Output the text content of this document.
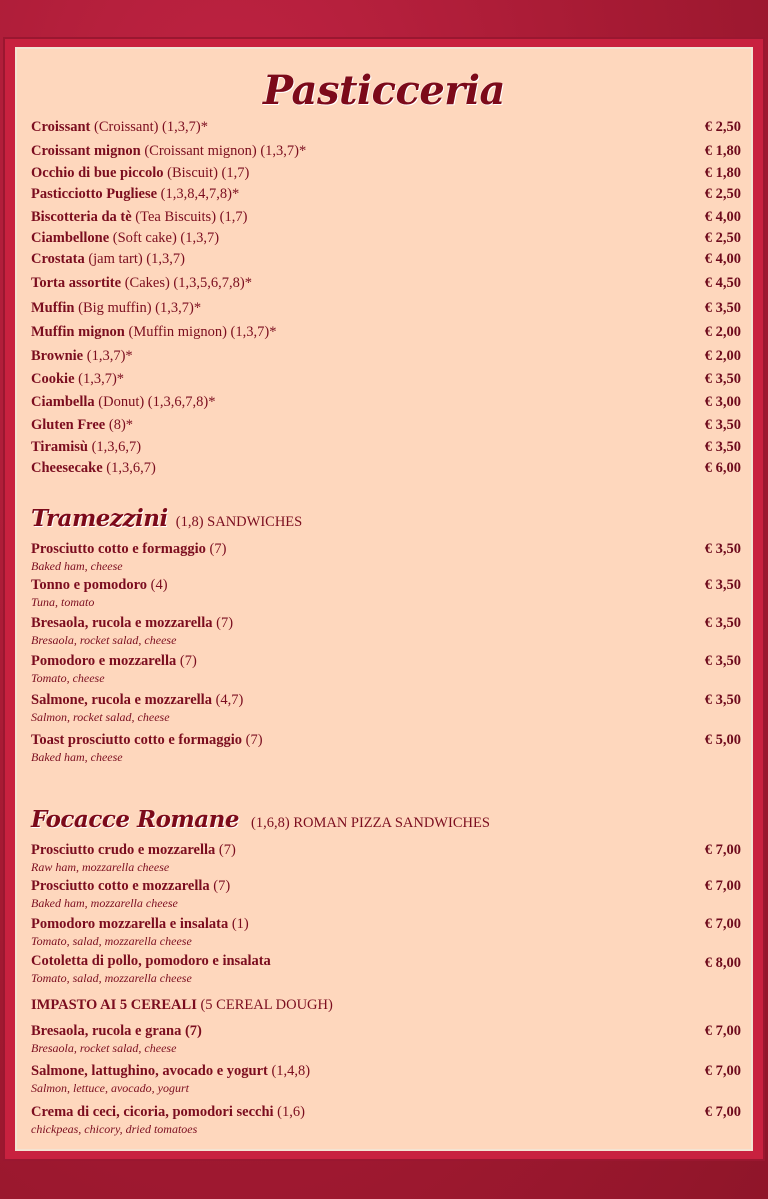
Pasticceria
Croissant (Croissant) (1,3,7)*	€ 2,50
Croissant mignon (Croissant mignon) (1,3,7)*	€ 1,80
Occhio di bue piccolo (Biscuit) (1,7)	€ 1,80
Pasticciotto Pugliese (1,3,8,4,7,8)*	€ 2,50
Biscotteria da tè (Tea Biscuits) (1,7)	€ 4,00
Ciambellone (Soft cake) (1,3,7)	€ 2,50
Crostata (jam tart) (1,3,7)	€ 4,00
Torta assortite (Cakes) (1,3,5,6,7,8)*	€ 4,50
Muffin (Big muffin) (1,3,7)*	€ 3,50
Muffin mignon (Muffin mignon) (1,3,7)*	€ 2,00
Brownie (1,3,7)*	€ 2,00
Cookie (1,3,7)*	€ 3,50
Ciambella (Donut) (1,3,6,7,8)*	€ 3,00
Gluten Free (8)*	€ 3,50
Tiramisù (1,3,6,7)	€ 3,50
Cheesecake (1,3,6,7)	€ 6,00
Tramezzini (1,8) SANDWICHES
Prosciutto cotto e formaggio (7)	€ 3,50
Baked ham, cheese
Tonno e pomodoro (4)	€ 3,50
Tuna, tomato
Bresaola, rucola e mozzarella (7)	€ 3,50
Bresaola, rocket salad, cheese
Pomodoro e mozzarella (7)	€ 3,50
Tomato, cheese
Salmone, rucola e mozzarella (4,7)	€ 3,50
Salmon, rocket salad, cheese
Toast prosciutto cotto e formaggio (7)	€ 5,00
Baked ham, cheese
Focacce Romane (1,6,8) ROMAN PIZZA SANDWICHES
Prosciutto crudo e mozzarella (7)	€ 7,00
Raw ham, mozzarella cheese
Prosciutto cotto e mozzarella (7)	€ 7,00
Baked ham, mozzarella cheese
Pomodoro mozzarella e insalata (1)	€ 7,00
Tomato, salad, mozzarella cheese
Cotoletta di pollo, pomodoro e insalata	€ 8,00
Tomato, salad, mozzarella cheese
IMPASTO AI 5 CEREALI (5 CEREAL DOUGH)
Bresaola, rucola e grana (7)	€ 7,00
Bresaola, rocket salad, cheese
Salmone, lattughino, avocado e yogurt (1,4,8)	€ 7,00
Salmon, lettuce, avocado, yogurt
Crema di ceci, cicoria, pomodori secchi (1,6)	€ 7,00
chickpeas, chicory, dried tomatoes
